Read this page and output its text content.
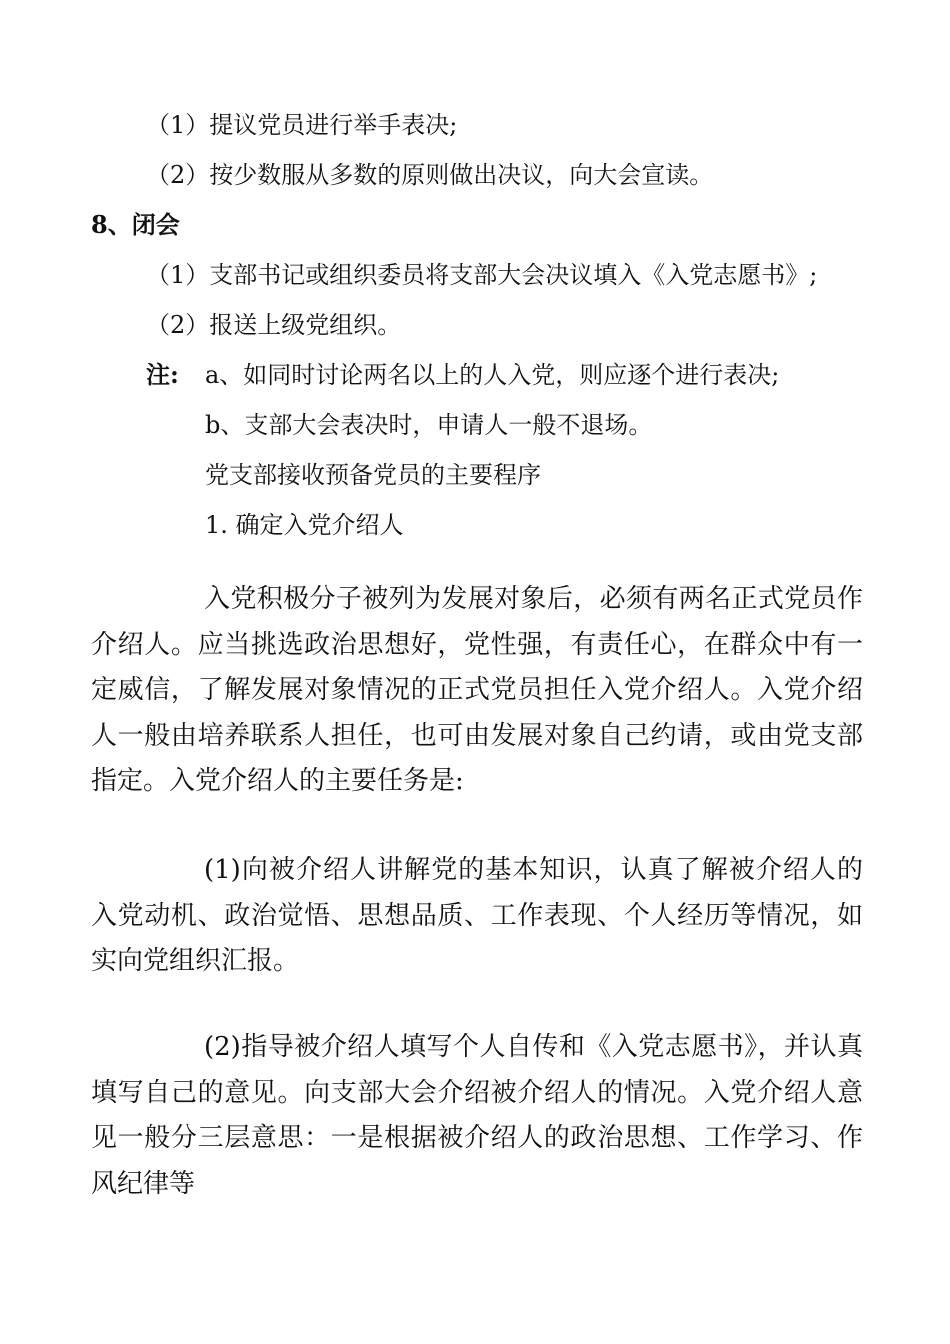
（1）提议党员进行举手表决;
（2）按少数服从多数的原则做出决议，向大会宣读。
8、闭会
（1）支部书记或组织委员将支部大会决议填入《入党志愿书》;
（2）报送上级党组织。
注: a、如同时讨论两名以上的人入党，则应逐个进行表决;
b、支部大会表决时，申请人一般不退场。
党支部接收预备党员的主要程序
1. 确定入党介绍人

入党积极分子被列为发展对象后，必须有两名正式党员作介绍人。应当挑选政治思想好，党性强，有责任心，在群众中有一定威信，了解发展对象情况的正式党员担任入党介绍人。入党介绍人一般由培养联系人担任，也可由发展对象自己约请，或由党支部指定。入党介绍人的主要任务是:

(1)向被介绍人讲解党的基本知识，认真了解被介绍人的入党动机、政治觉悟、思想品质、工作表现、个人经历等情况，如实向党组织汇报。

(2)指导被介绍人填写个人自传和《入党志愿书》，并认真填写自己的意见。向支部大会介绍被介绍人的情况。入党介绍人意见一般分三层意思：一是根据被介绍人的政治思想、工作学习、作风纪律等
